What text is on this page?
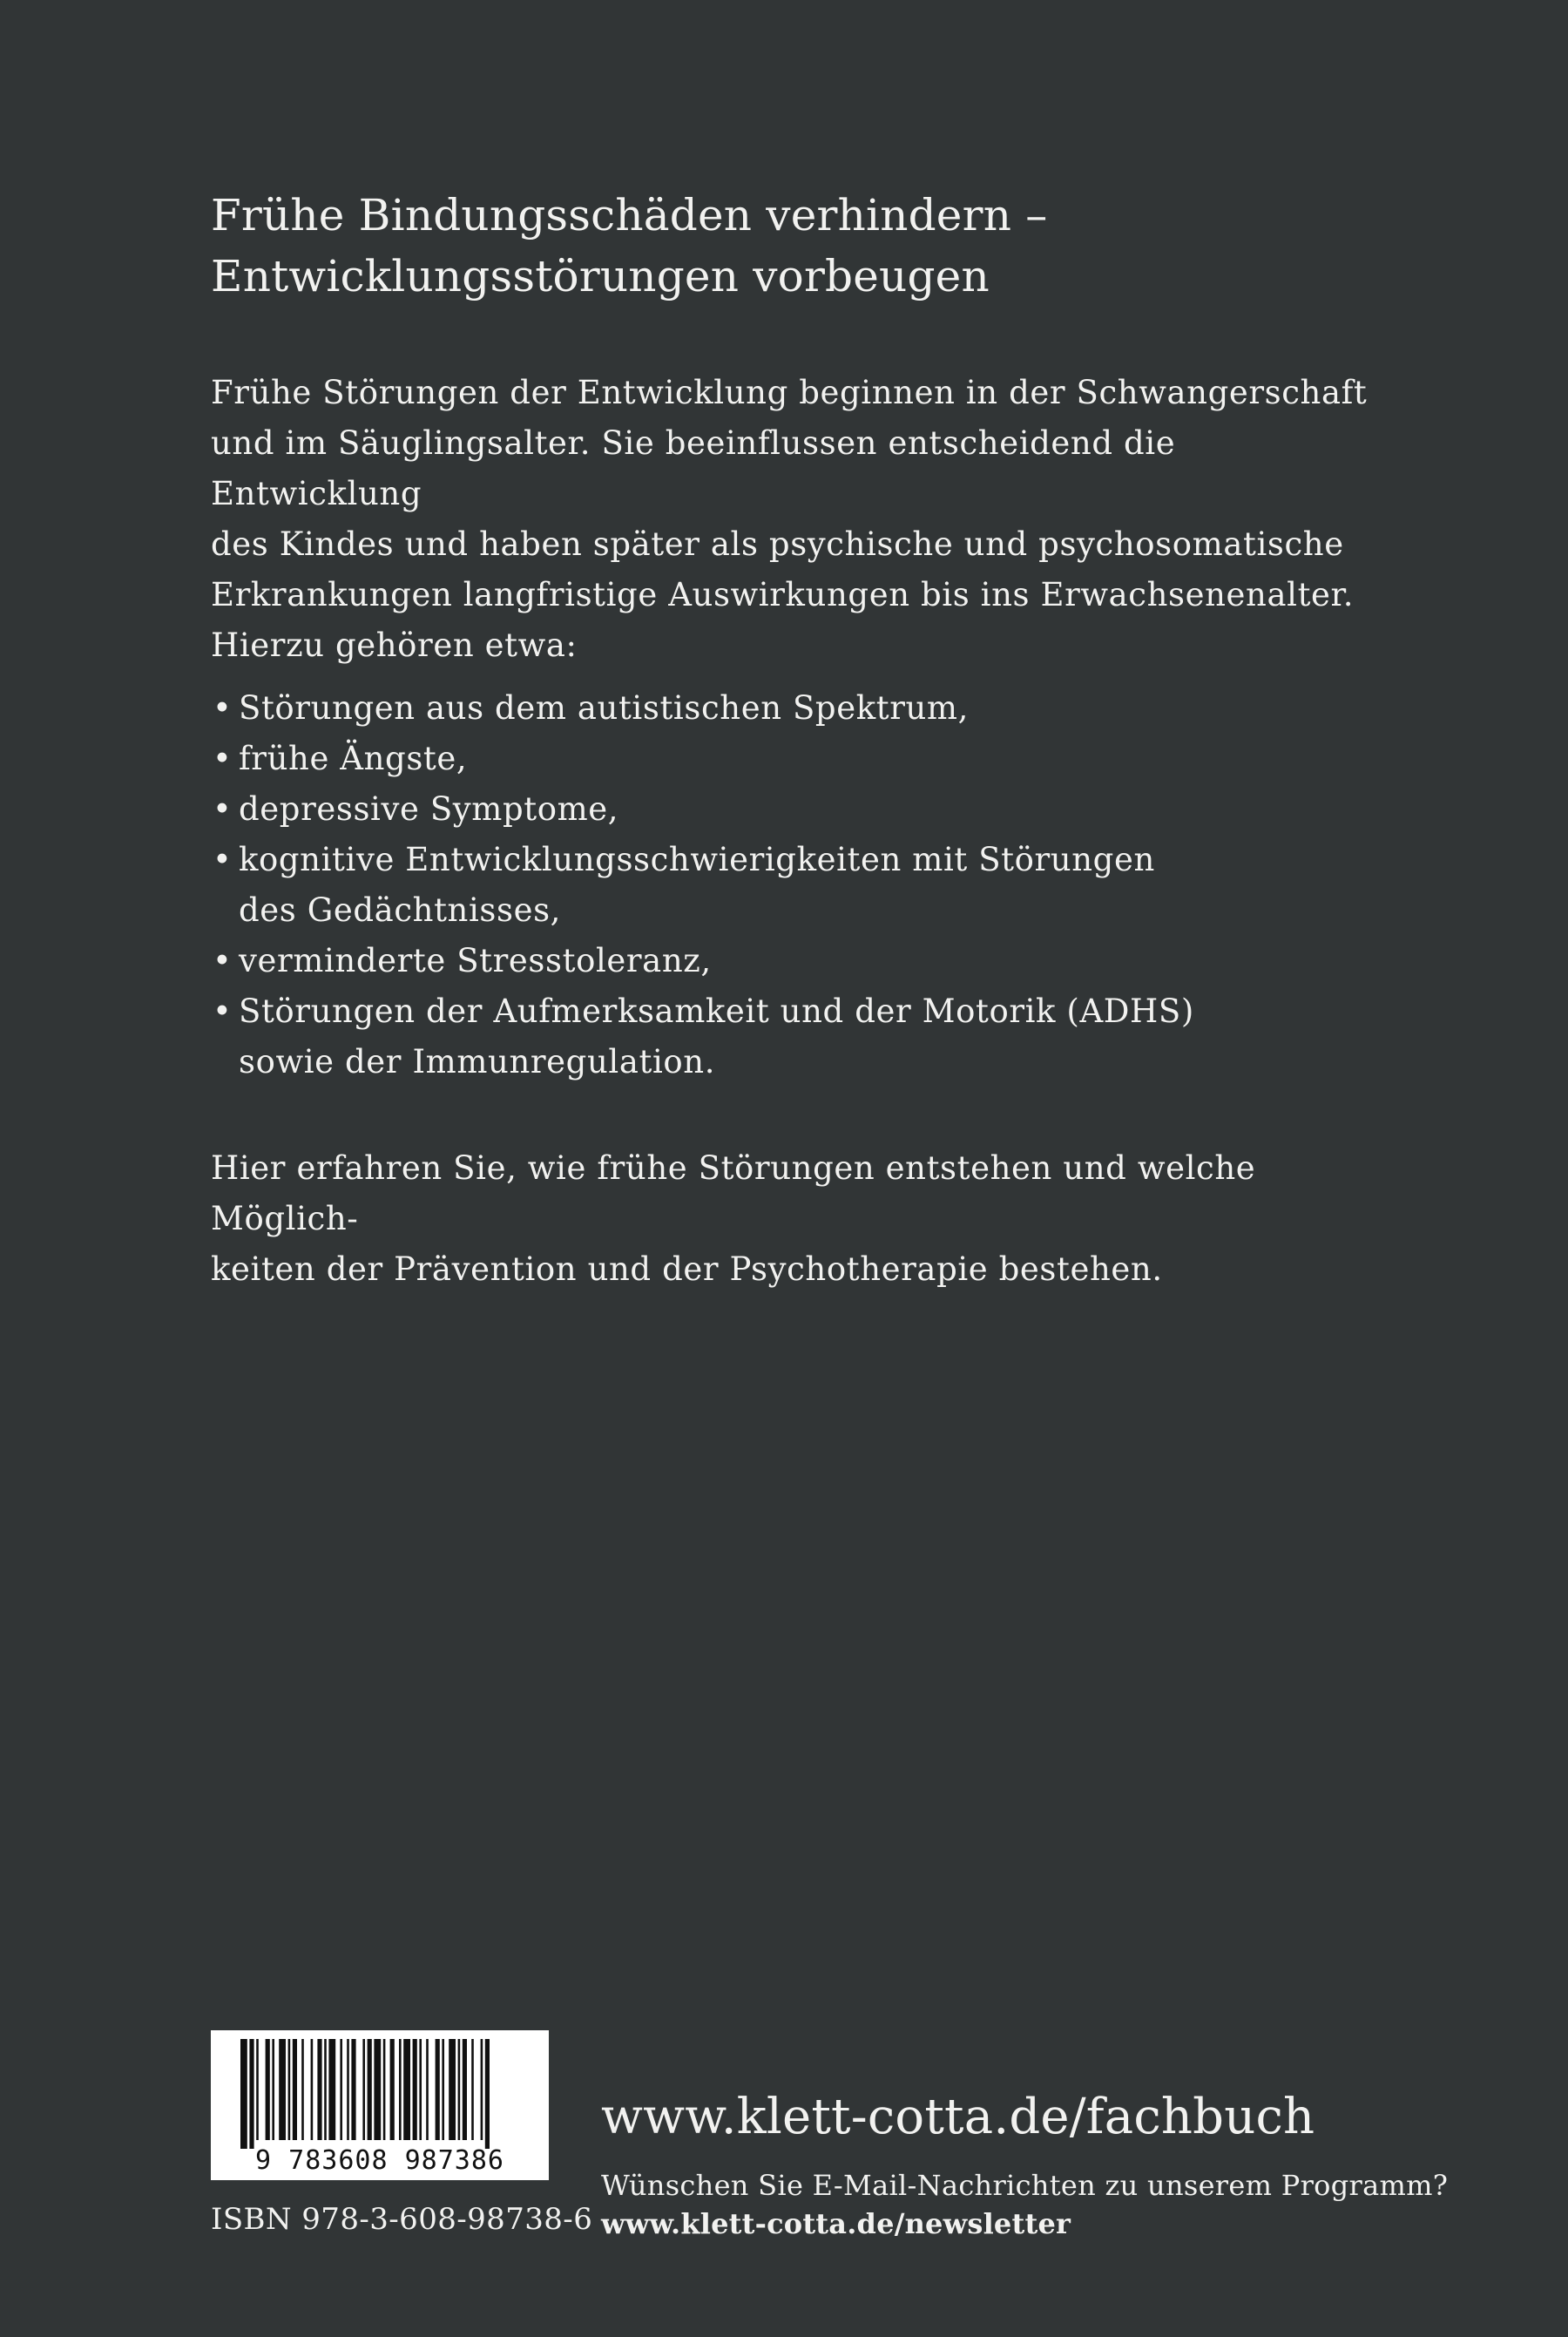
Frühe Bindungsschäden verhindern –
Entwicklungsstörungen vorbeugen

Frühe Störungen der Entwicklung beginnen in der Schwangerschaft
und im Säuglingsalter. Sie beeinflussen entscheidend die Entwicklung
des Kindes und haben später als psychische und psychosomatische
Erkrankungen langfristige Auswirkungen bis ins Erwachsenenalter.

Hierzu gehören etwa:

• Störungen aus dem autistischen Spektrum,
• frühe Ängste,
• depressive Symptome,
• kognitive Entwicklungsschwierigkeiten mit Störungen
des Gedächtnisses,
• verminderte Stresstoleranz,
• Störungen der Aufmerksamkeit und der Motorik (ADHS)
sowie der Immunregulation.

Hier erfahren Sie, wie frühe Störungen entstehen und welche Möglich-
keiten der Prävention und der Psychotherapie bestehen.

9 783608 987386
ISBN 978-3-608-98738-6
www.klett-cotta.de/fachbuch
Wünschen Sie E-Mail-Nachrichten zu unserem Programm?
www.klett-cotta.de/newsletter
